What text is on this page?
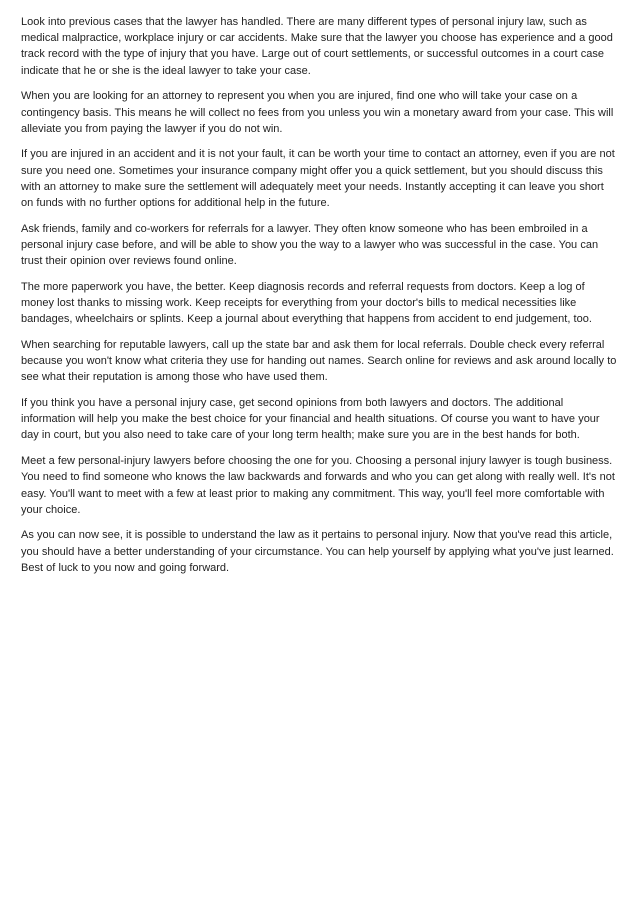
Look into previous cases that the lawyer has handled. There are many different types of personal injury law, such as medical malpractice, workplace injury or car accidents. Make sure that the lawyer you choose has experience and a good track record with the type of injury that you have. Large out of court settlements, or successful outcomes in a court case indicate that he or she is the ideal lawyer to take your case.

When you are looking for an attorney to represent you when you are injured, find one who will take your case on a contingency basis. This means he will collect no fees from you unless you win a monetary award from your case. This will alleviate you from paying the lawyer if you do not win.

If you are injured in an accident and it is not your fault, it can be worth your time to contact an attorney, even if you are not sure you need one. Sometimes your insurance company might offer you a quick settlement, but you should discuss this with an attorney to make sure the settlement will adequately meet your needs. Instantly accepting it can leave you short on funds with no further options for additional help in the future.

Ask friends, family and co-workers for referrals for a lawyer. They often know someone who has been embroiled in a personal injury case before, and will be able to show you the way to a lawyer who was successful in the case. You can trust their opinion over reviews found online.

The more paperwork you have, the better. Keep diagnosis records and referral requests from doctors. Keep a log of money lost thanks to missing work. Keep receipts for everything from your doctor's bills to medical necessities like bandages, wheelchairs or splints. Keep a journal about everything that happens from accident to end judgement, too.

When searching for reputable lawyers, call up the state bar and ask them for local referrals. Double check every referral because you won't know what criteria they use for handing out names. Search online for reviews and ask around locally to see what their reputation is among those who have used them.

If you think you have a personal injury case, get second opinions from both lawyers and doctors. The additional information will help you make the best choice for your financial and health situations. Of course you want to have your day in court, but you also need to take care of your long term health; make sure you are in the best hands for both.

Meet a few personal-injury lawyers before choosing the one for you. Choosing a personal injury lawyer is tough business. You need to find someone who knows the law backwards and forwards and who you can get along with really well. It's not easy. You'll want to meet with a few at least prior to making any commitment. This way, you'll feel more comfortable with your choice.

As you can now see, it is possible to understand the law as it pertains to personal injury. Now that you've read this article, you should have a better understanding of your circumstance. You can help yourself by applying what you've just learned. Best of luck to you now and going forward.
